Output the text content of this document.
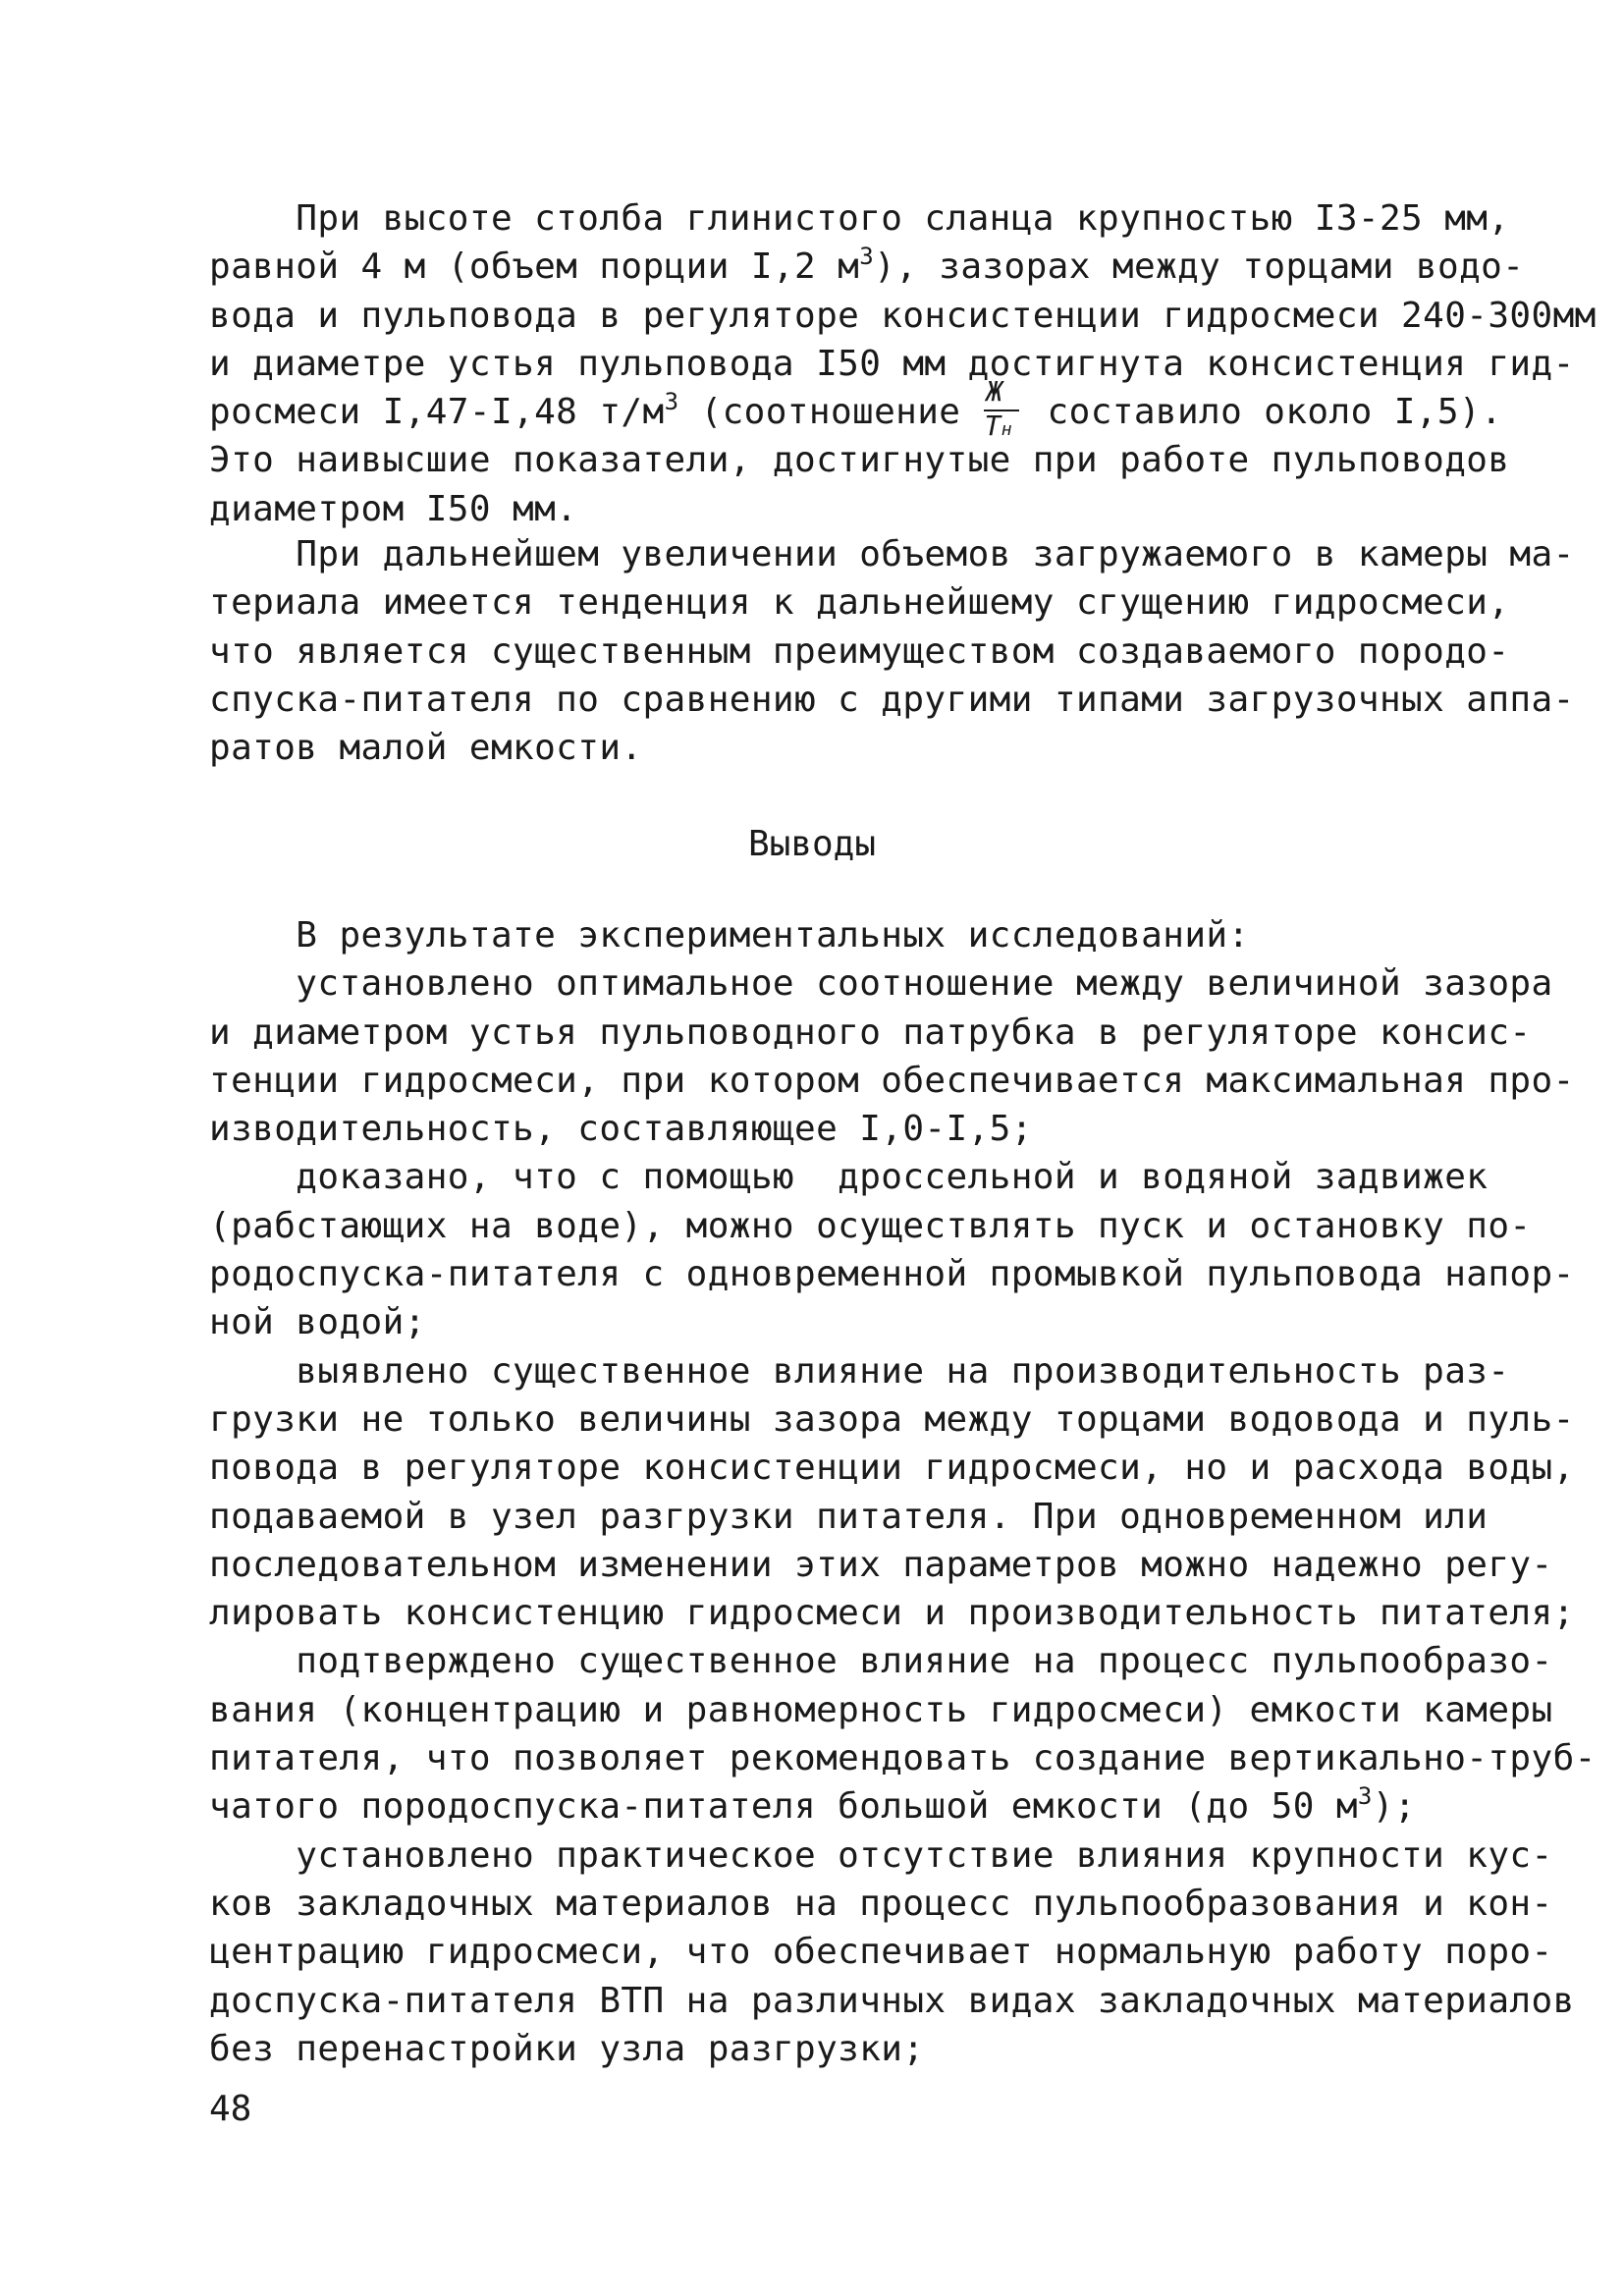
При высоте столба глинистого сланца крупностью I3-25 мм,
равной 4 м (объем порции I,2 $м^3$), зазорах между торцами водо-
вода и пульповода в регуляторе консистенции гидросмеси 240-300мм
и диаметре устья пульповода I50 мм достигнута консистенция гид-
росмеси I,47-I,48 $т/м^3$ (соотношение $\frac{Ж}{Тн}$ составило около I,5).
Это наивысшие показатели, достигнутые при работе пульповодов
диаметром I50 мм.
При дальнейшем увеличении объемов загружаемого в камеры ма-
териала имеется тенденция к дальнейшему сгущению гидросмеси,
что является существенным преимуществом создаваемого породо-
спуска-питателя по сравнению с другими типами загрузочных аппа-
ратов малой емкости.
Выводы
В результате экспериментальных исследований:
установлено оптимальное соотношение между величиной зазора
и диаметром устья пульповодного патрубка в регуляторе консис-
тенции гидросмеси, при котором обеспечивается максимальная про-
изводительность, составляющее I,0-I,5;
доказано, что с помощью  дроссельной и водяной задвижек
(рабстающих на воде), можно осуществлять пуск и остановку по-
родоспуска-питателя с одновременной промывкой пульповода напор-
ной водой;
выявлено существенное влияние на производительность раз-
грузки не только величины зазора между торцами водовода и пуль-
повода в регуляторе консистенции гидросмеси, но и расхода воды,
подаваемой в узел разгрузки питателя. При одновременном или
последовательном изменении этих параметров можно надежно регу-
лировать консистенцию гидросмеси и производительность питателя;
подтверждено существенное влияние на процесс пульпообразо-
вания (концентрацию и равномерность гидросмеси) емкости камеры
питателя, что позволяет рекомендовать создание вертикально-труб-
чатого породоспуска-питателя большой емкости (до 50 $м^3$);
установлено практическое отсутствие влияния крупности кус-
ков закладочных материалов на процесс пульпообразования и кон-
центрацию гидросмеси, что обеспечивает нормальную работу поро-
доспуска-питателя ВТП на различных видах закладочных материалов
без перенастройки узла разгрузки;
48
